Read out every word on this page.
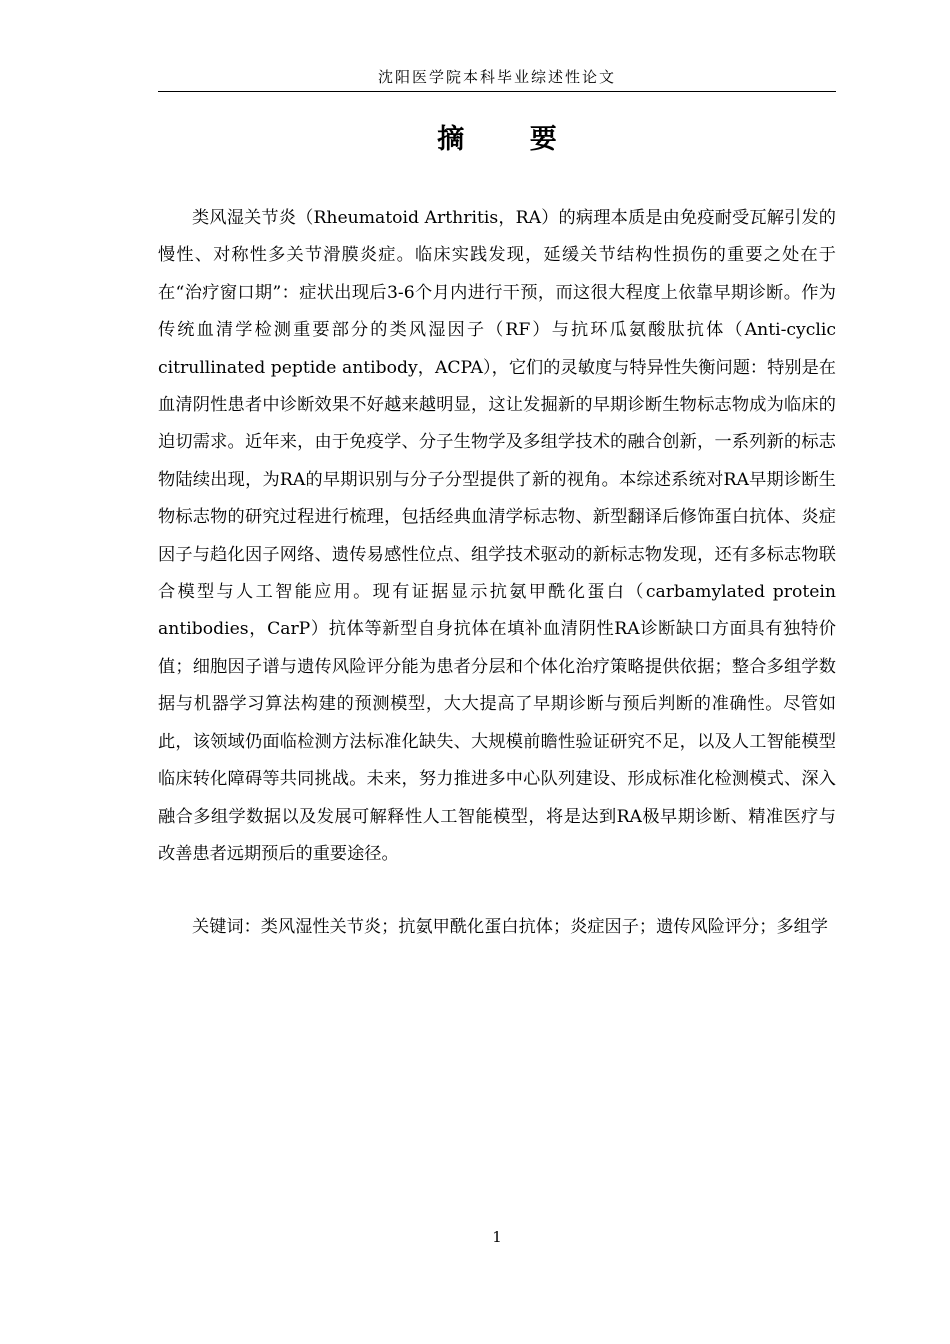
沈阳医学院本科毕业综述性论文
摘 要

类风湿关节炎（Rheumatoid Arthritis，RA）的病理本质是由免疫耐受瓦解引发的慢性、对称性多关节滑膜炎症。临床实践发现，延缓关节结构性损伤的重要之处在于在“治疗窗口期”：症状出现后3-6个月内进行干预，而这很大程度上依靠早期诊断。作为传统血清学检测重要部分的类风湿因子（RF）与抗环瓜氨酸肽抗体（Anti-cyclic citrullinated peptide antibody，ACPA），它们的灵敏度与特异性失衡问题：特别是在血清阴性患者中诊断效果不好越来越明显，这让发掘新的早期诊断生物标志物成为临床的迫切需求。近年来，由于免疫学、分子生物学及多组学技术的融合创新，一系列新的标志物陆续出现，为RA的早期识别与分子分型提供了新的视角。本综述系统对RA早期诊断生物标志物的研究过程进行梳理，包括经典血清学标志物、新型翻译后修饰蛋白抗体、炎症因子与趋化因子网络、遗传易感性位点、组学技术驱动的新标志物发现，还有多标志物联合模型与人工智能应用。现有证据显示抗氨甲酰化蛋白（carbamylated protein antibodies，CarP）抗体等新型自身抗体在填补血清阴性RA诊断缺口方面具有独特价值；细胞因子谱与遗传风险评分能为患者分层和个体化治疗策略提供依据；整合多组学数据与机器学习算法构建的预测模型，大大提高了早期诊断与预后判断的准确性。尽管如此，该领域仍面临检测方法标准化缺失、大规模前瞻性验证研究不足，以及人工智能模型临床转化障碍等共同挑战。未来，努力推进多中心队列建设、形成标准化检测模式、深入融合多组学数据以及发展可解释性人工智能模型，将是达到RA极早期诊断、精准医疗与改善患者远期预后的重要途径。

关键词：类风湿性关节炎；抗氨甲酰化蛋白抗体；炎症因子；遗传风险评分；多组学

1
